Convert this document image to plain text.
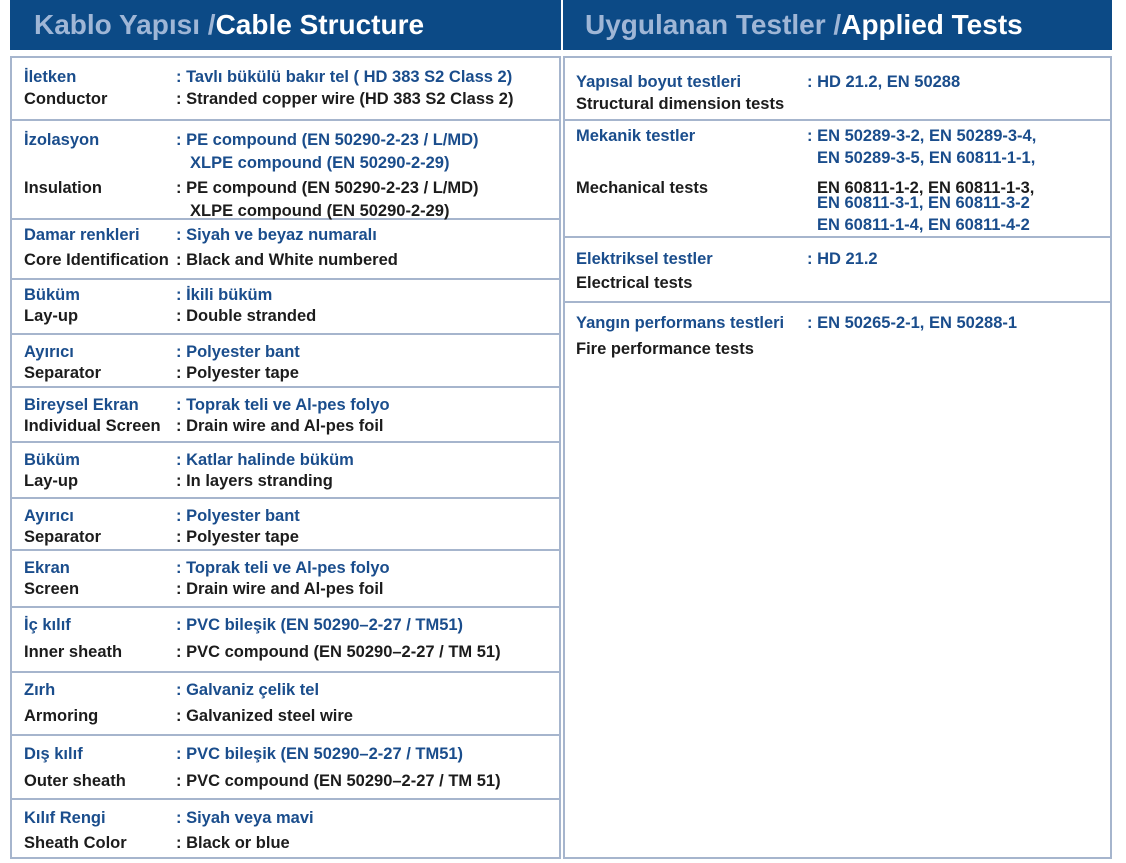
Kablo Yapısı / Cable Structure
İletken	: Tavlı bükülü bakır tel ( HD 383 S2 Class 2)
Conductor	: Stranded copper wire (HD 383 S2 Class 2)
İzolasyon	: PE compound (EN 50290-2-23 / L/MD)
XLPE compound (EN 50290-2-29)
Insulation	: PE compound (EN 50290-2-23 / L/MD)
XLPE compound (EN 50290-2-29)
Damar renkleri : Siyah ve beyaz numaralı
Core Identification : Black and White numbered
Büküm	: İkili büküm
Lay-up	: Double stranded
Ayırıcı	: Polyester bant
Separator	: Polyester tape
Bireysel Ekran : Toprak teli ve Al-pes folyo
Individual Screen : Drain wire and Al-pes foil
Büküm	: Katlar halinde büküm
Lay-up	: In layers stranding
Ayırıcı	: Polyester bant
Separator	: Polyester tape
Ekran	: Toprak teli ve Al-pes folyo
Screen	: Drain wire and Al-pes foil
İç kılıf	: PVC bileşik (EN 50290–2-27 / TM51)
Inner sheath	: PVC compound (EN 50290–2-27 / TM 51)
Zırh	: Galvaniz çelik tel
Armoring	: Galvanized steel wire
Dış kılıf	: PVC bileşik (EN 50290–2-27 / TM51)
Outer sheath	: PVC compound (EN 50290–2-27 / TM 51)
Kılıf Rengi	: Siyah veya mavi
Sheath Color	: Black or blue
Uygulanan Testler / Applied Tests
Yapısal boyut testleri	: HD 21.2, EN 50288
Structural dimension tests
Mekanik testler	: EN 50289-3-2, EN 50289-3-4,
EN 50289-3-5, EN 60811-1-1,
Mechanical tests	EN 60811-1-2, EN 60811-1-3,
EN 60811-3-1, EN 60811-3-2
EN 60811-1-4, EN 60811-4-2
Elektriksel testler	: HD 21.2
Electrical tests
Yangın performans testleri : EN 50265-2-1, EN 50288-1
Fire performance tests
